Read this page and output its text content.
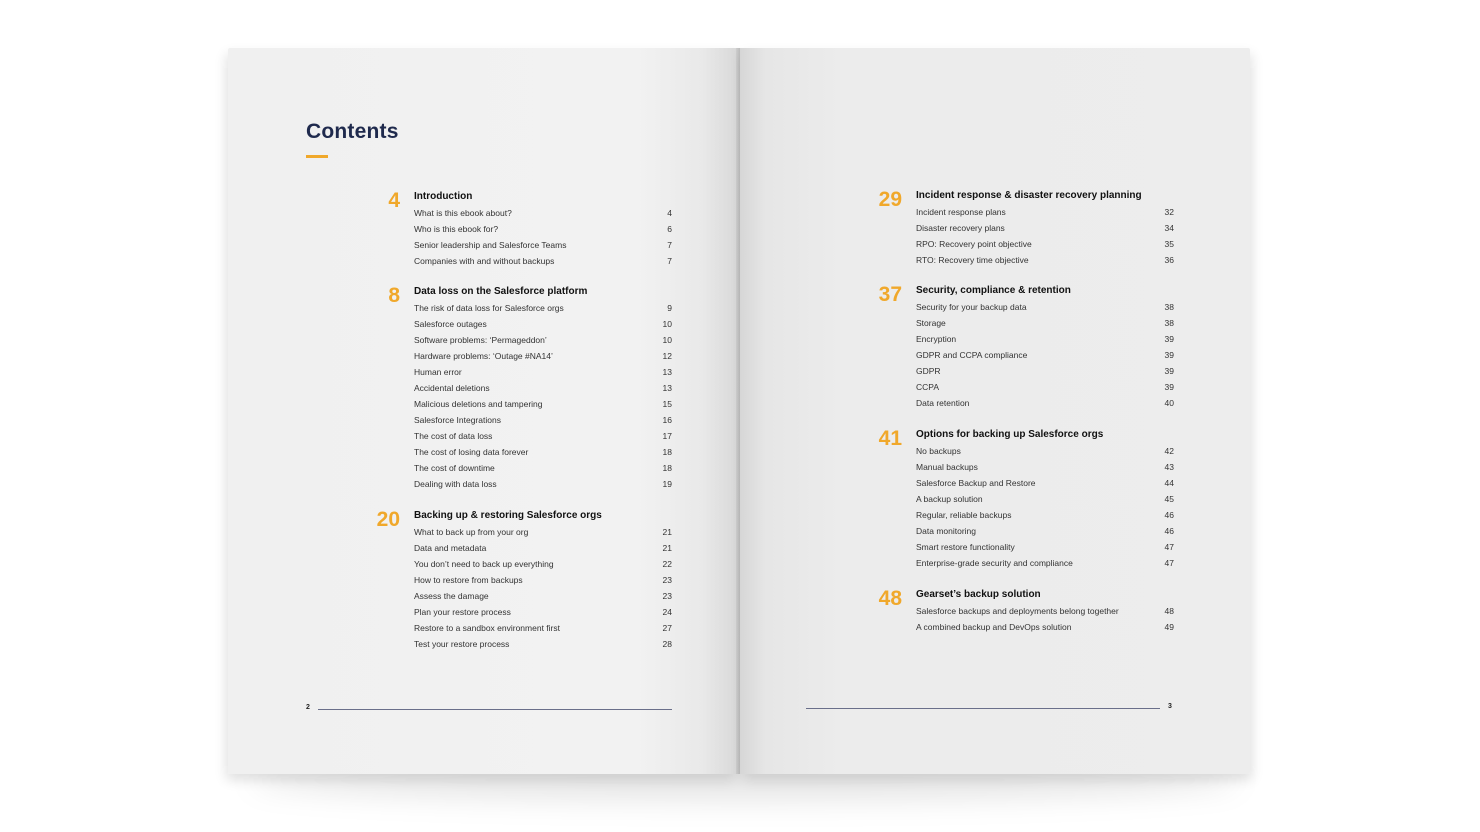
Contents
4 Introduction
What is this ebook about?	4
Who is this ebook for?	6
Senior leadership and Salesforce Teams	7
Companies with and without backups	7
8 Data loss on the Salesforce platform
The risk of data loss for Salesforce orgs	9
Salesforce outages	10
Software problems: ‘Permageddon’	10
Hardware problems: ‘Outage #NA14’	12
Human error	13
Accidental deletions	13
Malicious deletions and tampering	15
Salesforce Integrations	16
The cost of data loss	17
The cost of losing data forever	18
The cost of downtime	18
Dealing with data loss	19
20 Backing up & restoring Salesforce orgs
What to back up from your org	21
Data and metadata	21
You don’t need to back up everything	22
How to restore from backups	23
Assess the damage	23
Plan your restore process	24
Restore to a sandbox environment first	27
Test your restore process	28
2
29 Incident response & disaster recovery planning
Incident response plans	32
Disaster recovery plans	34
RPO: Recovery point objective	35
RTO: Recovery time objective	36
37 Security, compliance & retention
Security for your backup data	38
Storage	38
Encryption	39
GDPR and CCPA compliance	39
GDPR	39
CCPA	39
Data retention	40
41 Options for backing up Salesforce orgs
No backups	42
Manual backups	43
Salesforce Backup and Restore	44
A backup solution	45
Regular, reliable backups	46
Data monitoring	46
Smart restore functionality	47
Enterprise-grade security and compliance	47
48 Gearset’s backup solution
Salesforce backups and deployments belong together	48
A combined backup and DevOps solution	49
3
